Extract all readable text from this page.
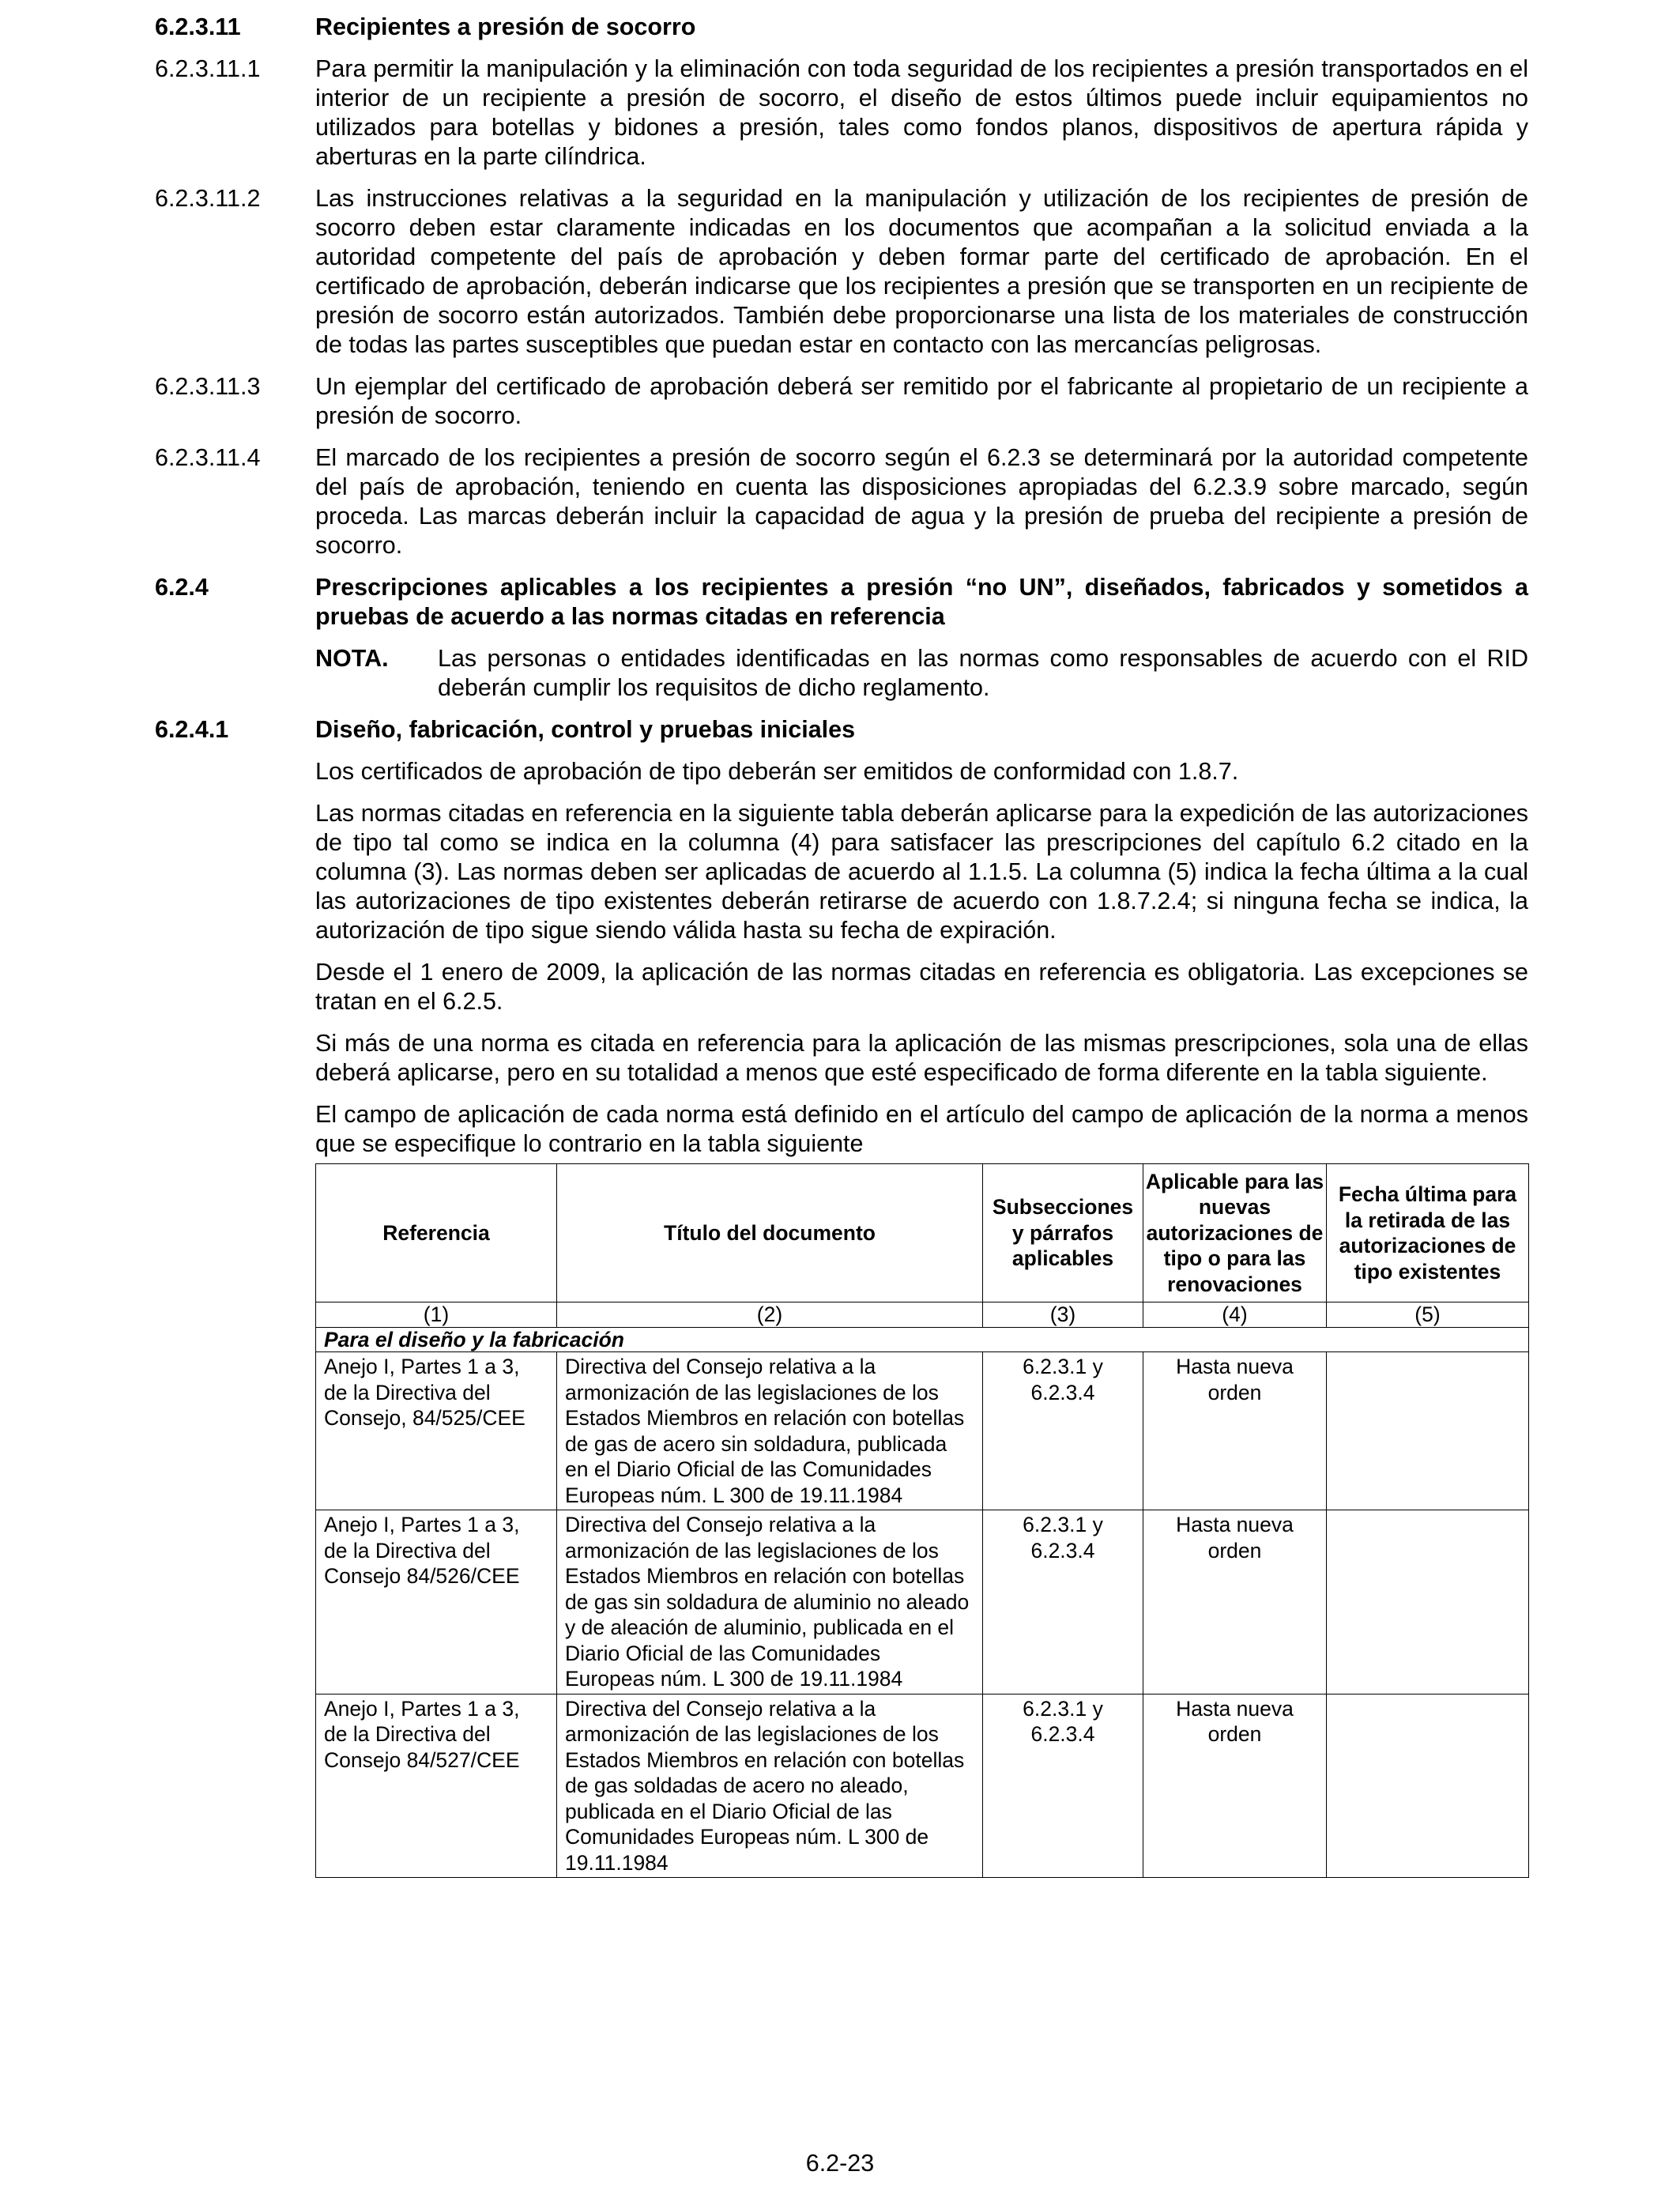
6.2.3.11	Recipientes a presión de socorro
6.2.3.11.1	Para permitir la manipulación y la eliminación con toda seguridad de los recipientes a presión transportados en el interior de un recipiente a presión de socorro, el diseño de estos últimos puede incluir equipamientos no utilizados para botellas y bidones a presión, tales como fondos planos, dispositivos de apertura rápida y aberturas en la parte cilíndrica.
6.2.3.11.2	Las instrucciones relativas a la seguridad en la manipulación y utilización de los recipientes de presión de socorro deben estar claramente indicadas en los documentos que acompañan a la solicitud enviada a la autoridad competente del país de aprobación y deben formar parte del certificado de aprobación. En el certificado de aprobación, deberán indicarse que los recipientes a presión que se transporten en un recipiente de presión de socorro están autorizados. También debe proporcionarse una lista de los materiales de construcción de todas las partes susceptibles que puedan estar en contacto con las mercancías peligrosas.
6.2.3.11.3	Un ejemplar del certificado de aprobación deberá ser remitido por el fabricante al propietario de un recipiente a presión de socorro.
6.2.3.11.4	El marcado de los recipientes a presión de socorro según el 6.2.3 se determinará por la autoridad competente del país de aprobación, teniendo en cuenta las disposiciones apropiadas del 6.2.3.9 sobre marcado, según proceda. Las marcas deberán incluir la capacidad de agua y la presión de prueba del recipiente a presión de socorro.
6.2.4	Prescripciones aplicables a los recipientes a presión “no UN”, diseñados, fabricados y sometidos a pruebas de acuerdo a las normas citadas en referencia
NOTA.	Las personas o entidades identificadas en las normas como responsables de acuerdo con el RID deberán cumplir los requisitos de dicho reglamento.
6.2.4.1	Diseño, fabricación, control y pruebas iniciales
Los certificados de aprobación de tipo deberán ser emitidos de conformidad con 1.8.7.
Las normas citadas en referencia en la siguiente tabla deberán aplicarse para la expedición de las autorizaciones de tipo tal como se indica en la columna (4) para satisfacer las prescripciones del capítulo 6.2 citado en la columna (3). Las normas deben ser aplicadas de acuerdo al 1.1.5. La columna (5) indica la fecha última a la cual las autorizaciones de tipo existentes deberán retirarse de acuerdo con 1.8.7.2.4; si ninguna fecha se indica, la autorización de tipo sigue siendo válida hasta su fecha de expiración.
Desde el 1 enero de 2009, la aplicación de las normas citadas en referencia es obligatoria. Las excepciones se tratan en el 6.2.5.
Si más de una norma es citada en referencia para la aplicación de las mismas prescripciones, sola una de ellas deberá aplicarse, pero en su totalidad a menos que esté especificado de forma diferente en la tabla siguiente.
El campo de aplicación de cada norma está definido en el artículo del campo de aplicación de la norma a menos que se especifique lo contrario en la tabla siguiente
Referencia	Título del documento	Subsecciones y párrafos aplicables	Aplicable para las nuevas autorizaciones de tipo o para las renovaciones	Fecha última para la retirada de las autorizaciones de tipo existentes
(1)	(2)	(3)	(4)	(5)
Para el diseño y la fabricación				
Anejo I, Partes 1 a 3, de la Directiva del Consejo, 84/525/CEE	Directiva del Consejo relativa a la armonización de las legislaciones de los Estados Miembros en relación con botellas de gas de acero sin soldadura, publicada en el Diario Oficial de las Comunidades Europeas núm. L 300 de 19.11.1984	6.2.3.1 y 6.2.3.4	Hasta nueva orden	
Anejo I, Partes 1 a 3, de la Directiva del Consejo 84/526/CEE	Directiva del Consejo relativa a la armonización de las legislaciones de los Estados Miembros en relación con botellas de gas sin soldadura de aluminio no aleado y de aleación de aluminio, publicada en el Diario Oficial de las Comunidades Europeas núm. L 300 de 19.11.1984	6.2.3.1 y 6.2.3.4	Hasta nueva orden	
Anejo I, Partes 1 a 3, de la Directiva del Consejo 84/527/CEE	Directiva del Consejo relativa a la armonización de las legislaciones de los Estados Miembros en relación con botellas de gas soldadas de acero no aleado, publicada en el Diario Oficial de las Comunidades Europeas núm. L 300 de 19.11.1984	6.2.3.1 y 6.2.3.4	Hasta nueva orden	
6.2-23
